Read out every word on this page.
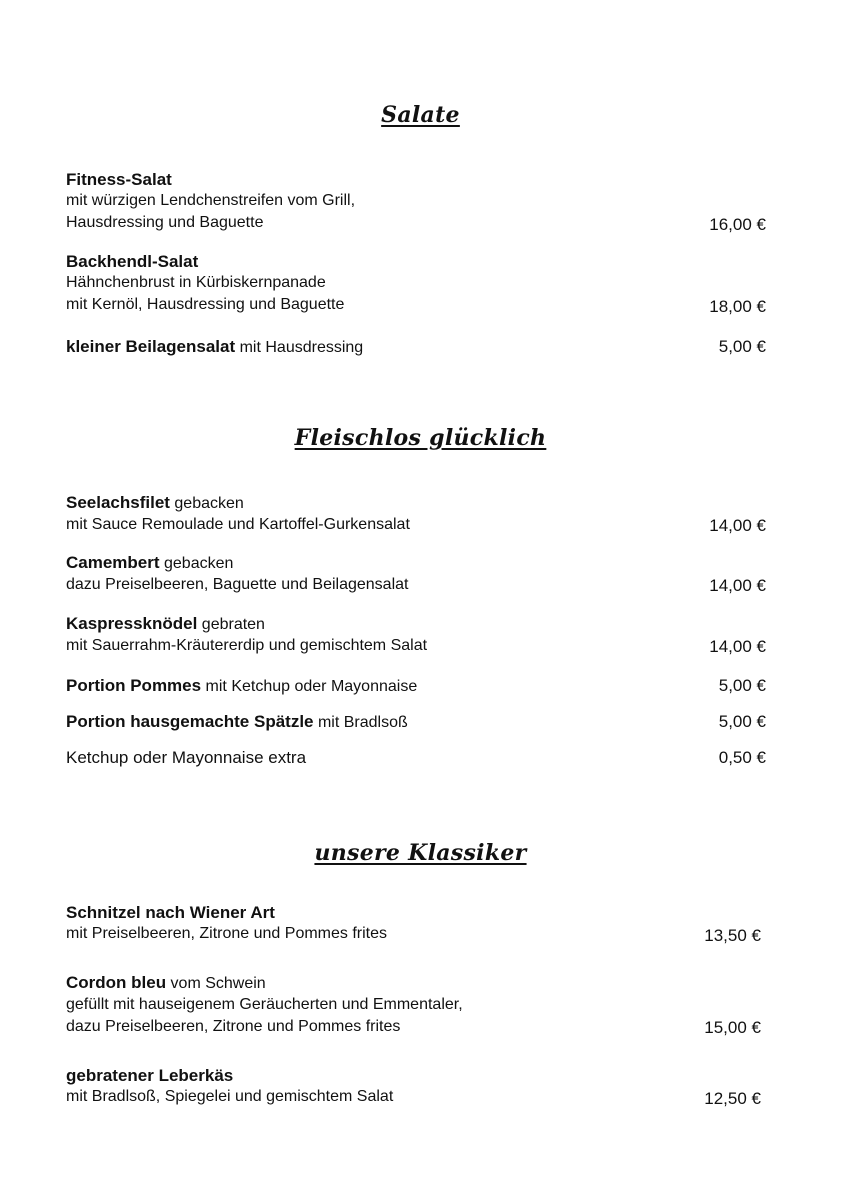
Salate
Fitness-Salat
mit würzigen Lendchenstreifen vom Grill,
Hausdressing und Baguette	16,00 €
Backhendl-Salat
Hähnchenbrust in Kürbiskernpanade
mit Kernöl, Hausdressing und Baguette	18,00 €
kleiner Beilagensalat mit Hausdressing	5,00 €
Fleischlos glücklich
Seelachsfilet gebacken
mit Sauce Remoulade und Kartoffel-Gurkensalat	14,00 €
Camembert gebacken
dazu Preiselbeeren, Baguette und Beilagensalat	14,00 €
Kaspressknödel gebraten
mit Sauerrahm-Kräutererdip und gemischtem Salat	14,00 €
Portion Pommes mit Ketchup oder Mayonnaise	5,00 €
Portion hausgemachte Spätzle mit Bradlsoß	5,00 €
Ketchup oder Mayonnaise extra	0,50 €
unsere Klassiker
Schnitzel nach Wiener Art
mit Preiselbeeren, Zitrone und Pommes frites	13,50 €
Cordon bleu vom Schwein
gefüllt mit hauseigenem Geräucherten und Emmentaler,
dazu Preiselbeeren, Zitrone und Pommes frites	15,00 €
gebratener Leberkäs
mit Bradlsoß, Spiegelei und gemischtem Salat	12,50 €
